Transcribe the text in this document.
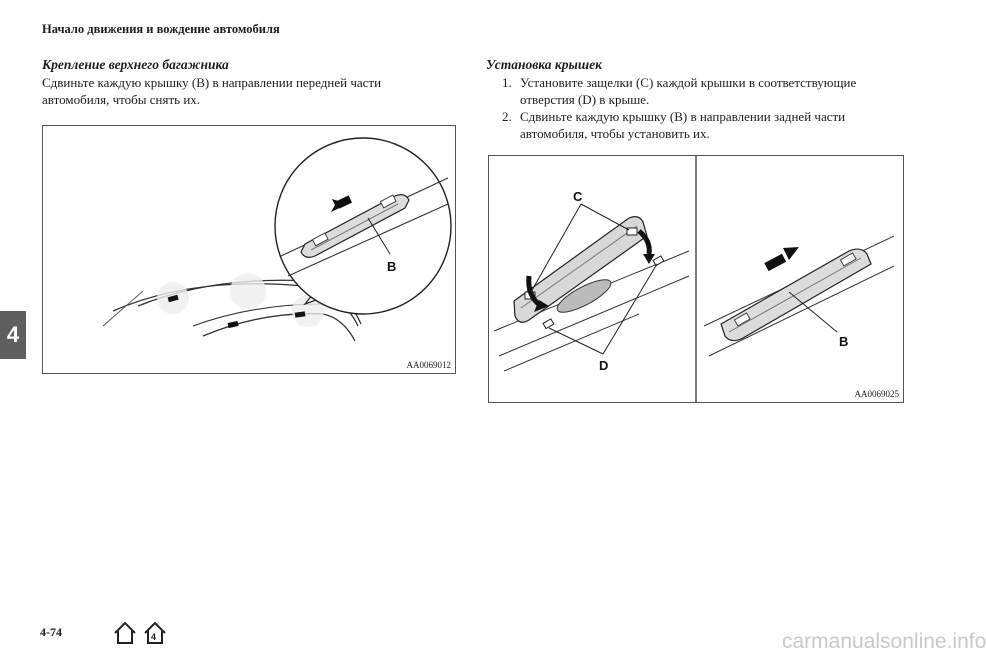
Начало движения и вождение автомобиля
Крепление верхнего багажника
Сдвиньте каждую крышку (B) в направлении передней части
автомобиля, чтобы снять их.
B
AA0069012
Установка крышек
1. Установите защелки (C) каждой крышки в соответствующие
отверстия (D) в крыше.
2. Сдвиньте каждую крышку (B) в направлении задней части
автомобиля, чтобы установить их.
C
D
B
AA0069025
4
4-74	4	carmanualsonline.info
